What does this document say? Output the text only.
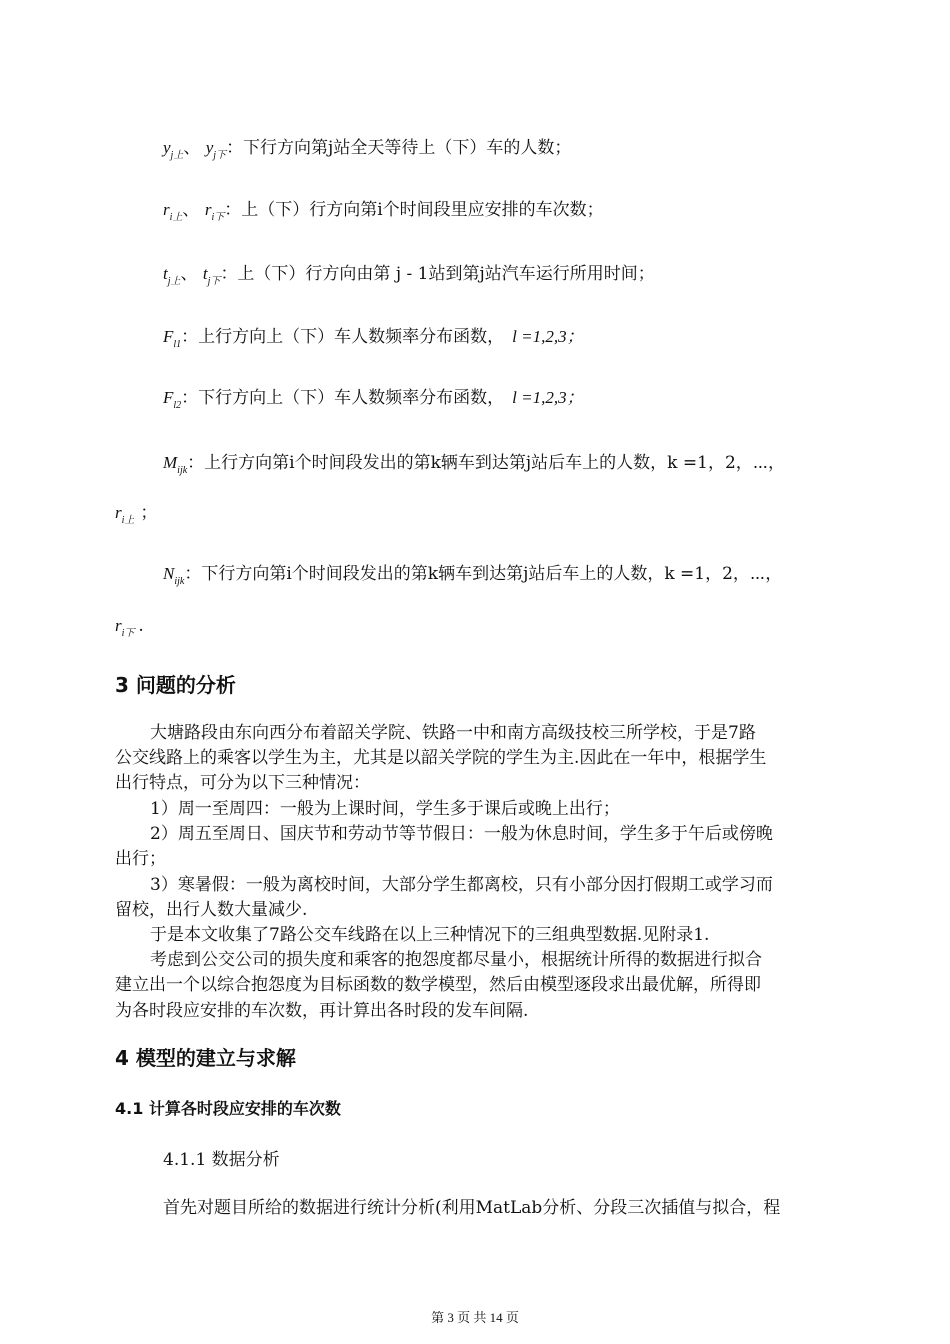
$y_{j上}$、 $y_{j下}$：下行方向第j站全天等待上（下）车的人数；
$r_{i上}$、 $r_{i下}$：上（下）行方向第i个时间段里应安排的车次数；
$t_{j上}$、 $t_{j下}$：上（下）行方向由第 j - 1站到第j站汽车运行所用时间；
$F_{l1}$：上行方向上（下）车人数频率分布函数， l =1,2,3；
$F_{l2}$：下行方向上（下）车人数频率分布函数， l =1,2,3；
$M_{ijk}$：上行方向第i个时间段发出的第k辆车到达第j站后车上的人数，k =1，2，⋯，
$r_{i上}$ ；
$N_{ijk}$：下行方向第i个时间段发出的第k辆车到达第j站后车上的人数，k =1，2，⋯，
$r_{i下}$ .
3 问题的分析
大塘路段由东向西分布着韶关学院、铁路一中和南方高级技校三所学校，于是7路
公交线路上的乘客以学生为主，尤其是以韶关学院的学生为主.因此在一年中，根据学生
出行特点，可分为以下三种情况：
1）周一至周四：一般为上课时间，学生多于课后或晚上出行；
2）周五至周日、国庆节和劳动节等节假日：一般为休息时间，学生多于午后或傍晚
出行；
3）寒暑假：一般为离校时间，大部分学生都离校，只有小部分因打假期工或学习而
留校，出行人数大量减少.
于是本文收集了7路公交车线路在以上三种情况下的三组典型数据.见附录1.
考虑到公交公司的损失度和乘客的抱怨度都尽量小，根据统计所得的数据进行拟合
建立出一个以综合抱怨度为目标函数的数学模型，然后由模型逐段求出最优解，所得即
为各时段应安排的车次数，再计算出各时段的发车间隔.
4 模型的建立与求解
4.1 计算各时段应安排的车次数
4.1.1 数据分析
首先对题目所给的数据进行统计分析(利用MatLab分析、分段三次插值与拟合，程
第 3 页 共 14 页
